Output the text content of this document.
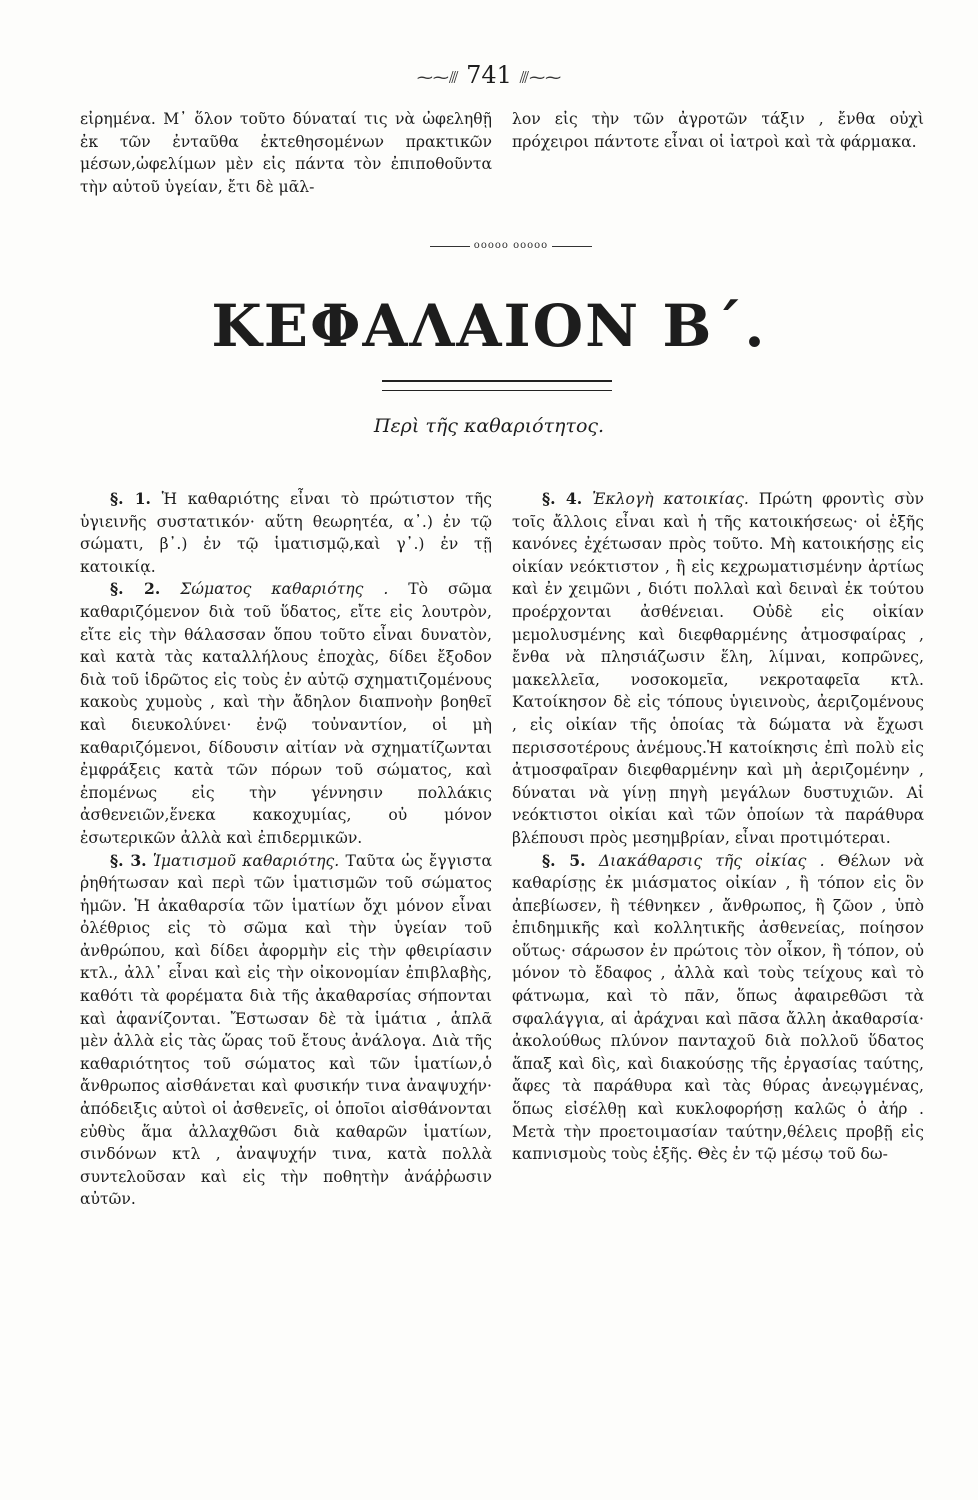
⁓⁓⫻ 741 ⫻⁓⁓

εἰρημένα. Μ᾽ ὅλον τοῦτο δύναταί τις νὰ ὠφεληθῇ ἐκ τῶν ἐνταῦθα ἐκτεθησομένων πρακτικῶν μέσων,ὠφελίμων μὲν εἰς πάντα τὸν ἐπιποθοῦντα τὴν αὐτοῦ ὑγείαν, ἔτι δὲ μᾶλ-

λον εἰς τὴν τῶν ἀγροτῶν τάξιν , ἔνθα οὐχὶ πρόχειροι πάντοτε εἶναι οἱ ἰατροὶ καὶ τὰ φάρμακα.

ooooo ooooo
ΚΕΦΑΛΑΙΟΝ Β΄.
Περὶ τῆς καθαριότητος.

§. 1. Ἡ καθαριότης εἶναι τὸ πρώτιστον τῆς ὑγιεινῆς συστατικόν· αὕτη θεωρητέα, α᾽.) ἐν τῷ σώματι, β᾽.) ἐν τῷ ἱματισμῷ,καὶ γ᾽.) ἐν τῇ κατοικίᾳ.

§. 2. Σώματος καθαριότης . Τὸ σῶμα καθαριζόμενον διὰ τοῦ ὕδατος, εἴτε εἰς λουτρὸν, εἴτε εἰς τὴν θάλασσαν ὅπου τοῦτο εἶναι δυνατὸν, καὶ κατὰ τὰς καταλλήλους ἐποχὰς, δίδει ἔξοδον διὰ τοῦ ἱδρῶτος εἰς τοὺς ἐν αὐτῷ σχηματιζομένους κακοὺς χυμοὺς , καὶ τὴν ἄδηλον διαπνοὴν βοηθεῖ καὶ διευκολύνει· ἐνῷ τοὐναντίον, οἱ μὴ καθαριζόμενοι, δίδουσιν αἰτίαν νὰ σχηματίζωνται ἐμφράξεις κατὰ τῶν πόρων τοῦ σώματος, καὶ ἐπομένως εἰς τὴν γέννησιν πολλάκις ἀσθενειῶν,ἕνεκα κακοχυμίας, οὐ μόνον ἐσωτερικῶν ἀλλὰ καὶ ἐπιδερμικῶν.

§. 3. Ἱματισμοῦ καθαριότης. Ταῦτα ὡς ἔγγιστα ῥηθήτωσαν καὶ περὶ τῶν ἱματισμῶν τοῦ σώματος ἡμῶν. Ἡ ἀκαθαρσία τῶν ἱματίων ὄχι μόνον εἶναι ὀλέθριος εἰς τὸ σῶμα καὶ τὴν ὑγείαν τοῦ ἀνθρώπου, καὶ δίδει ἀφορμὴν εἰς τὴν φθειρίασιν κτλ., ἀλλ᾽ εἶναι καὶ εἰς τὴν οἰκονομίαν ἐπιβλαβὴς, καθότι τὰ φορέματα διὰ τῆς ἀκαθαρσίας σήπονται καὶ ἀφανίζονται. Ἔστωσαν δὲ τὰ ἱμάτια , ἁπλᾶ μὲν ἀλλὰ εἰς τὰς ὥρας τοῦ ἔτους ἀνάλογα. Διὰ τῆς καθαριότητος τοῦ σώματος καὶ τῶν ἱματίων,ὁ ἄνθρωπος αἰσθάνεται καὶ φυσικήν τινα ἀναψυχήν· ἀπόδειξις αὐτοὶ οἱ ἀσθενεῖς, οἱ ὁποῖοι αἰσθάνονται εὐθὺς ἅμα ἀλλαχθῶσι διὰ καθαρῶν ἱματίων, σινδόνων κτλ , ἀναψυχήν τινα, κατὰ πολλὰ συντελοῦσαν καὶ εἰς τὴν ποθητὴν ἀνάῤῥωσιν αὐτῶν.

§. 4. Ἐκλογὴ κατοικίας. Πρώτη φροντὶς σὺν τοῖς ἄλλοις εἶναι καὶ ἡ τῆς κατοικήσεως· οἱ ἑξῆς κανόνες ἐχέτωσαν πρὸς τοῦτο. Μὴ κατοικήσῃς εἰς οἰκίαν νεόκτιστον , ἢ εἰς κεχρωματισμένην ἀρτίως καὶ ἐν χειμῶνι , διότι πολλαὶ καὶ δειναὶ ἐκ τούτου προέρχονται ἀσθένειαι. Οὐδὲ εἰς οἰκίαν μεμολυσμένης καὶ διεφθαρμένης ἀτμοσφαίρας , ἔνθα νὰ πλησιάζωσιν ἕλη, λίμναι, κοπρῶνες, μακελλεῖα, νοσοκομεῖα, νεκροταφεῖα κτλ. Κατοίκησον δὲ εἰς τόπους ὑγιεινοὺς, ἀεριζομένους , εἰς οἰκίαν τῆς ὁποίας τὰ δώματα νὰ ἔχωσι περισσοτέρους ἀνέμους.Ἡ κατοίκησις ἐπὶ πολὺ εἰς ἀτμοσφαῖραν διεφθαρμένην καὶ μὴ ἀεριζομένην , δύναται νὰ γίνῃ πηγὴ μεγάλων δυστυχιῶν. Αἱ νεόκτιστοι οἰκίαι καὶ τῶν ὁποίων τὰ παράθυρα βλέπουσι πρὸς μεσημβρίαν, εἶναι προτιμότεραι.

§. 5. Διακάθαρσις τῆς οἰκίας . Θέλων νὰ καθαρίσῃς ἐκ μιάσματος οἰκίαν , ἢ τόπον εἰς ὃν ἀπεβίωσεν, ἢ τέθνηκεν , ἄνθρωπος, ἢ ζῶον , ὑπὸ ἐπιδημικῆς καὶ κολλητικῆς ἀσθενείας, ποίησον οὕτως· σάρωσον ἐν πρώτοις τὸν οἶκον, ἢ τόπον, οὐ μόνον τὸ ἔδαφος , ἀλλὰ καὶ τοὺς τείχους καὶ τὸ φάτνωμα, καὶ τὸ πᾶν, ὅπως ἀφαιρεθῶσι τὰ σφαλάγγια, αἱ ἀράχναι καὶ πᾶσα ἄλλη ἀκαθαρσία· ἀκολούθως πλύνον πανταχοῦ διὰ πολλοῦ ὕδατος ἅπαξ καὶ δὶς, καὶ διακούσῃς τῆς ἐργασίας ταύτης, ἄφες τὰ παράθυρα καὶ τὰς θύρας ἀνεῳγμένας, ὅπως εἰσέλθῃ καὶ κυκλοφορήσῃ καλῶς ὁ ἀήρ . Μετὰ τὴν προετοιμασίαν ταύτην,θέλεις προβῇ εἰς καπνισμοὺς τοὺς ἑξῆς. Θὲς ἐν τῷ μέσῳ τοῦ δω-
